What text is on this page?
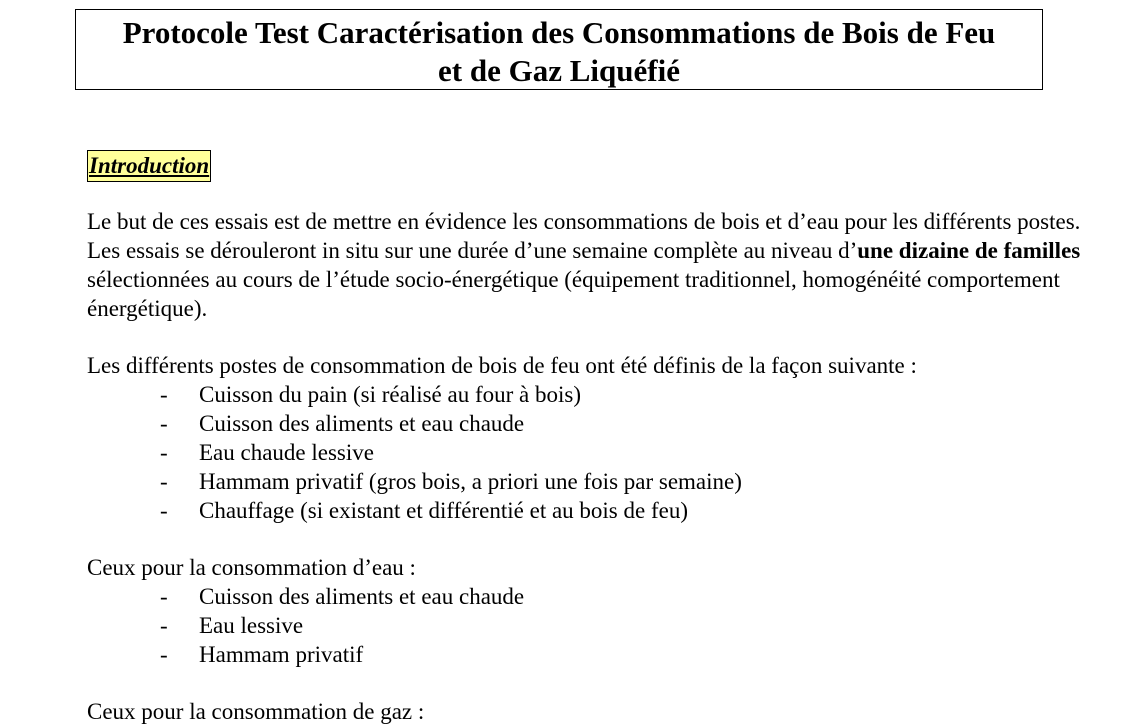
Protocole Test Caractérisation des Consommations de Bois de Feu
et de Gaz Liquéfié
Introduction

Le but de ces essais est de mettre en évidence les consommations de bois et d’eau pour les différents postes. Les essais se dérouleront in situ sur une durée d’une semaine complète au niveau d’une dizaine de familles sélectionnées au cours de l’étude socio-énergétique (équipement traditionnel, homogénéité comportement énergétique).

Les différents postes de consommation de bois de feu ont été définis de la façon suivante :
- Cuisson du pain (si réalisé au four à bois)
- Cuisson des aliments et eau chaude
- Eau chaude lessive
- Hammam privatif (gros bois, a priori une fois par semaine)
- Chauffage (si existant et différentié et au bois de feu)
Ceux pour la consommation d’eau :
- Cuisson des aliments et eau chaude
- Eau lessive
- Hammam privatif
Ceux pour la consommation de gaz :
